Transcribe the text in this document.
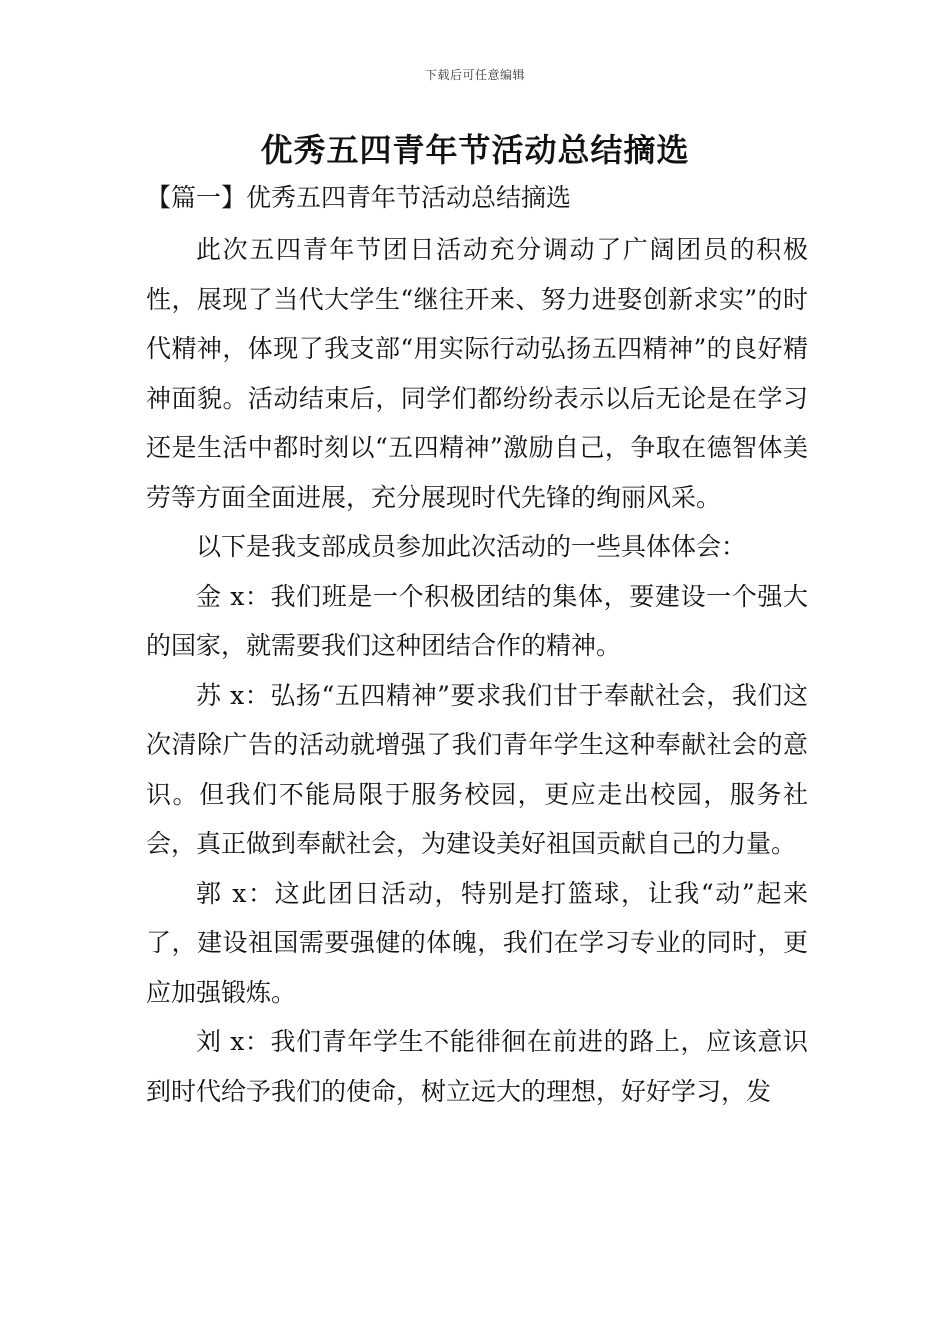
下载后可任意编辑
优秀五四青年节活动总结摘选
【篇一】优秀五四青年节活动总结摘选

此次五四青年节团日活动充分调动了广阔团员的积极性，展现了当代大学生“继往开来、努力进娶创新求实”的时代精神，体现了我支部“用实际行动弘扬五四精神”的良好精神面貌。活动结束后，同学们都纷纷表示以后无论是在学习还是生活中都时刻以“五四精神”激励自己，争取在德智体美劳等方面全面进展，充分展现时代先锋的绚丽风采。

以下是我支部成员参加此次活动的一些具体体会：

金 x：我们班是一个积极团结的集体，要建设一个强大的国家，就需要我们这种团结合作的精神。

苏 x：弘扬“五四精神”要求我们甘于奉献社会，我们这次清除广告的活动就增强了我们青年学生这种奉献社会的意识。但我们不能局限于服务校园，更应走出校园，服务社会，真正做到奉献社会，为建设美好祖国贡献自己的力量。

郭 x：这此团日活动，特别是打篮球，让我“动”起来了，建设祖国需要强健的体魄，我们在学习专业的同时，更应加强锻炼。

刘 x：我们青年学生不能徘徊在前进的路上，应该意识到时代给予我们的使命，树立远大的理想，好好学习，发
